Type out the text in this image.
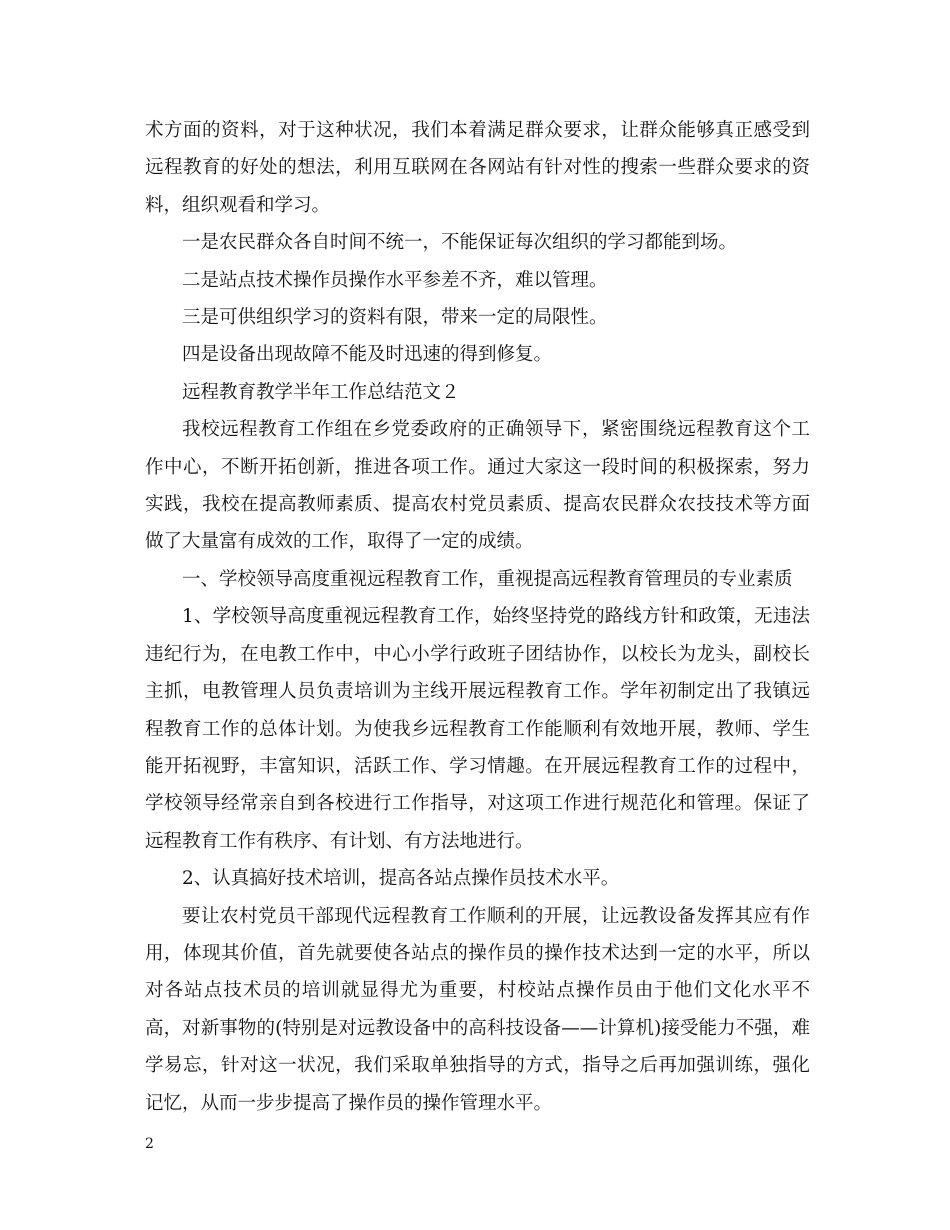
术方面的资料，对于这种状况，我们本着满足群众要求，让群众能够真正感受到远程教育的好处的想法，利用互联网在各网站有针对性的搜索一些群众要求的资料，组织观看和学习。

一是农民群众各自时间不统一，不能保证每次组织的学习都能到场。

二是站点技术操作员操作水平参差不齐，难以管理。

三是可供组织学习的资料有限，带来一定的局限性。

四是设备出现故障不能及时迅速的得到修复。

远程教育教学半年工作总结范文２

我校远程教育工作组在乡党委政府的正确领导下，紧密围绕远程教育这个工作中心，不断开拓创新，推进各项工作。通过大家这一段时间的积极探索，努力实践，我校在提高教师素质、提高农村党员素质、提高农民群众农技技术等方面做了大量富有成效的工作，取得了一定的成绩。

一、学校领导高度重视远程教育工作，重视提高远程教育管理员的专业素质

1、学校领导高度重视远程教育工作，始终坚持党的路线方针和政策，无违法违纪行为，在电教工作中，中心小学行政班子团结协作，以校长为龙头，副校长主抓，电教管理人员负责培训为主线开展远程教育工作。学年初制定出了我镇远程教育工作的总体计划。为使我乡远程教育工作能顺利有效地开展，教师、学生能开拓视野，丰富知识，活跃工作、学习情趣。在开展远程教育工作的过程中，学校领导经常亲自到各校进行工作指导，对这项工作进行规范化和管理。保证了远程教育工作有秩序、有计划、有方法地进行。

2、认真搞好技术培训，提高各站点操作员技术水平。

要让农村党员干部现代远程教育工作顺利的开展，让远教设备发挥其应有作用，体现其价值，首先就要使各站点的操作员的操作技术达到一定的水平，所以对各站点技术员的培训就显得尤为重要，村校站点操作员由于他们文化水平不高，对新事物的(特别是对远教设备中的高科技设备——计算机)接受能力不强，难学易忘，针对这一状况，我们采取单独指导的方式，指导之后再加强训练，强化记忆，从而一步步提高了操作员的操作管理水平。

2
